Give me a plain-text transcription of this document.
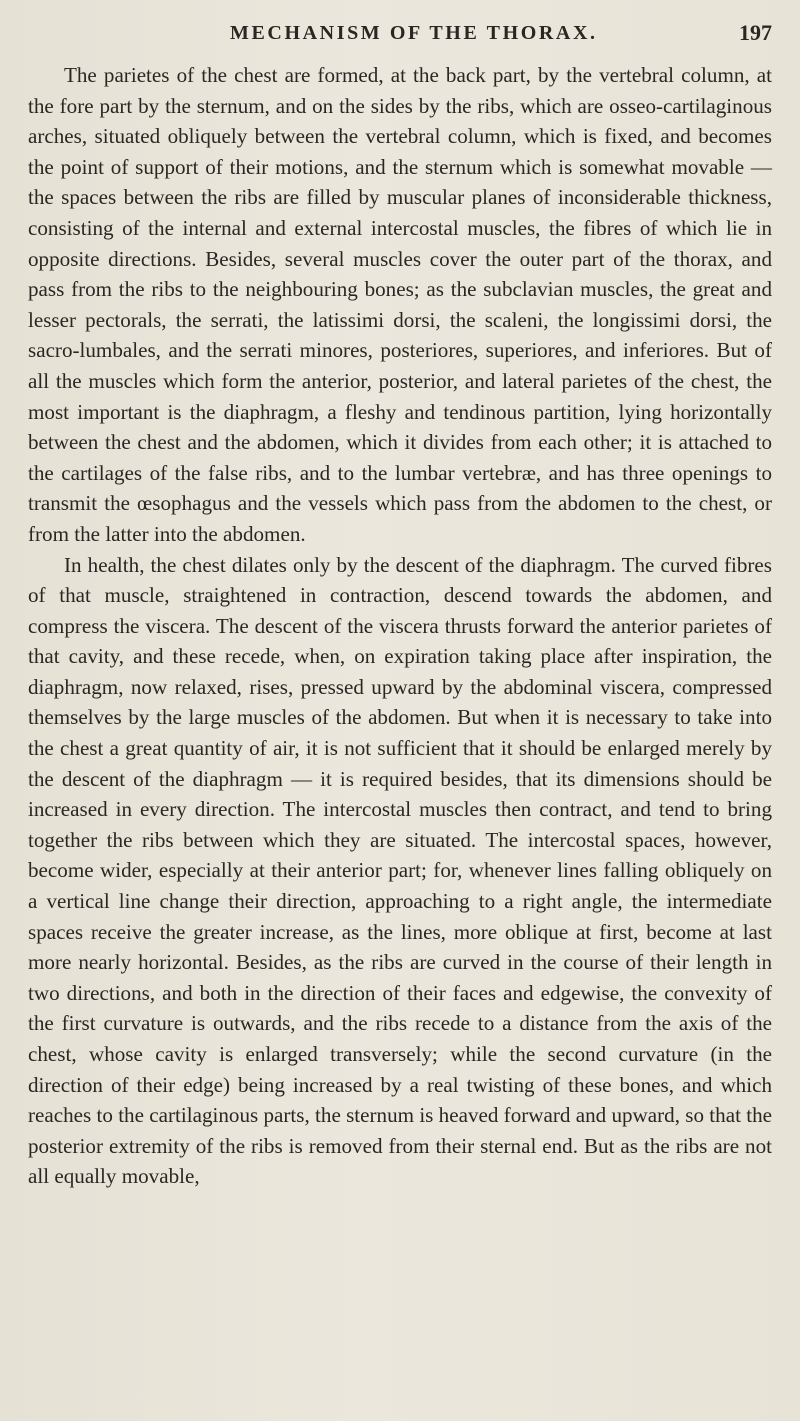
MECHANISM OF THE THORAX.	197

The parietes of the chest are formed, at the back part, by the vertebral column, at the fore part by the sternum, and on the sides by the ribs, which are osseo-cartilaginous arches, situated obliquely between the vertebral column, which is fixed, and becomes the point of support of their motions, and the sternum which is somewhat movable — the spaces between the ribs are filled by muscular planes of inconsiderable thickness, consisting of the internal and external intercostal muscles, the fibres of which lie in opposite directions. Besides, several muscles cover the outer part of the thorax, and pass from the ribs to the neighbouring bones; as the subclavian muscles, the great and lesser pectorals, the serrati, the latissimi dorsi, the scaleni, the longissimi dorsi, the sacro-lumbales, and the serrati minores, posteriores, superiores, and inferiores. But of all the muscles which form the anterior, posterior, and lateral parietes of the chest, the most important is the diaphragm, a fleshy and tendinous partition, lying horizontally between the chest and the abdomen, which it divides from each other; it is attached to the cartilages of the false ribs, and to the lumbar vertebræ, and has three openings to transmit the œsophagus and the vessels which pass from the abdomen to the chest, or from the latter into the abdomen.

In health, the chest dilates only by the descent of the diaphragm. The curved fibres of that muscle, straightened in contraction, descend towards the abdomen, and compress the viscera. The descent of the viscera thrusts forward the anterior parietes of that cavity, and these recede, when, on expiration taking place after inspiration, the diaphragm, now relaxed, rises, pressed upward by the abdominal viscera, compressed themselves by the large muscles of the abdomen. But when it is necessary to take into the chest a great quantity of air, it is not sufficient that it should be enlarged merely by the descent of the diaphragm — it is required besides, that its dimensions should be increased in every direction. The intercostal muscles then contract, and tend to bring together the ribs between which they are situated. The intercostal spaces, however, become wider, especially at their anterior part; for, whenever lines falling obliquely on a vertical line change their direction, approaching to a right angle, the intermediate spaces receive the greater increase, as the lines, more oblique at first, become at last more nearly horizontal. Besides, as the ribs are curved in the course of their length in two directions, and both in the direction of their faces and edgewise, the convexity of the first curvature is outwards, and the ribs recede to a distance from the axis of the chest, whose cavity is enlarged transversely; while the second curvature (in the direction of their edge) being increased by a real twisting of these bones, and which reaches to the cartilaginous parts, the sternum is heaved forward and upward, so that the posterior extremity of the ribs is removed from their sternal end. But as the ribs are not all equally movable,
